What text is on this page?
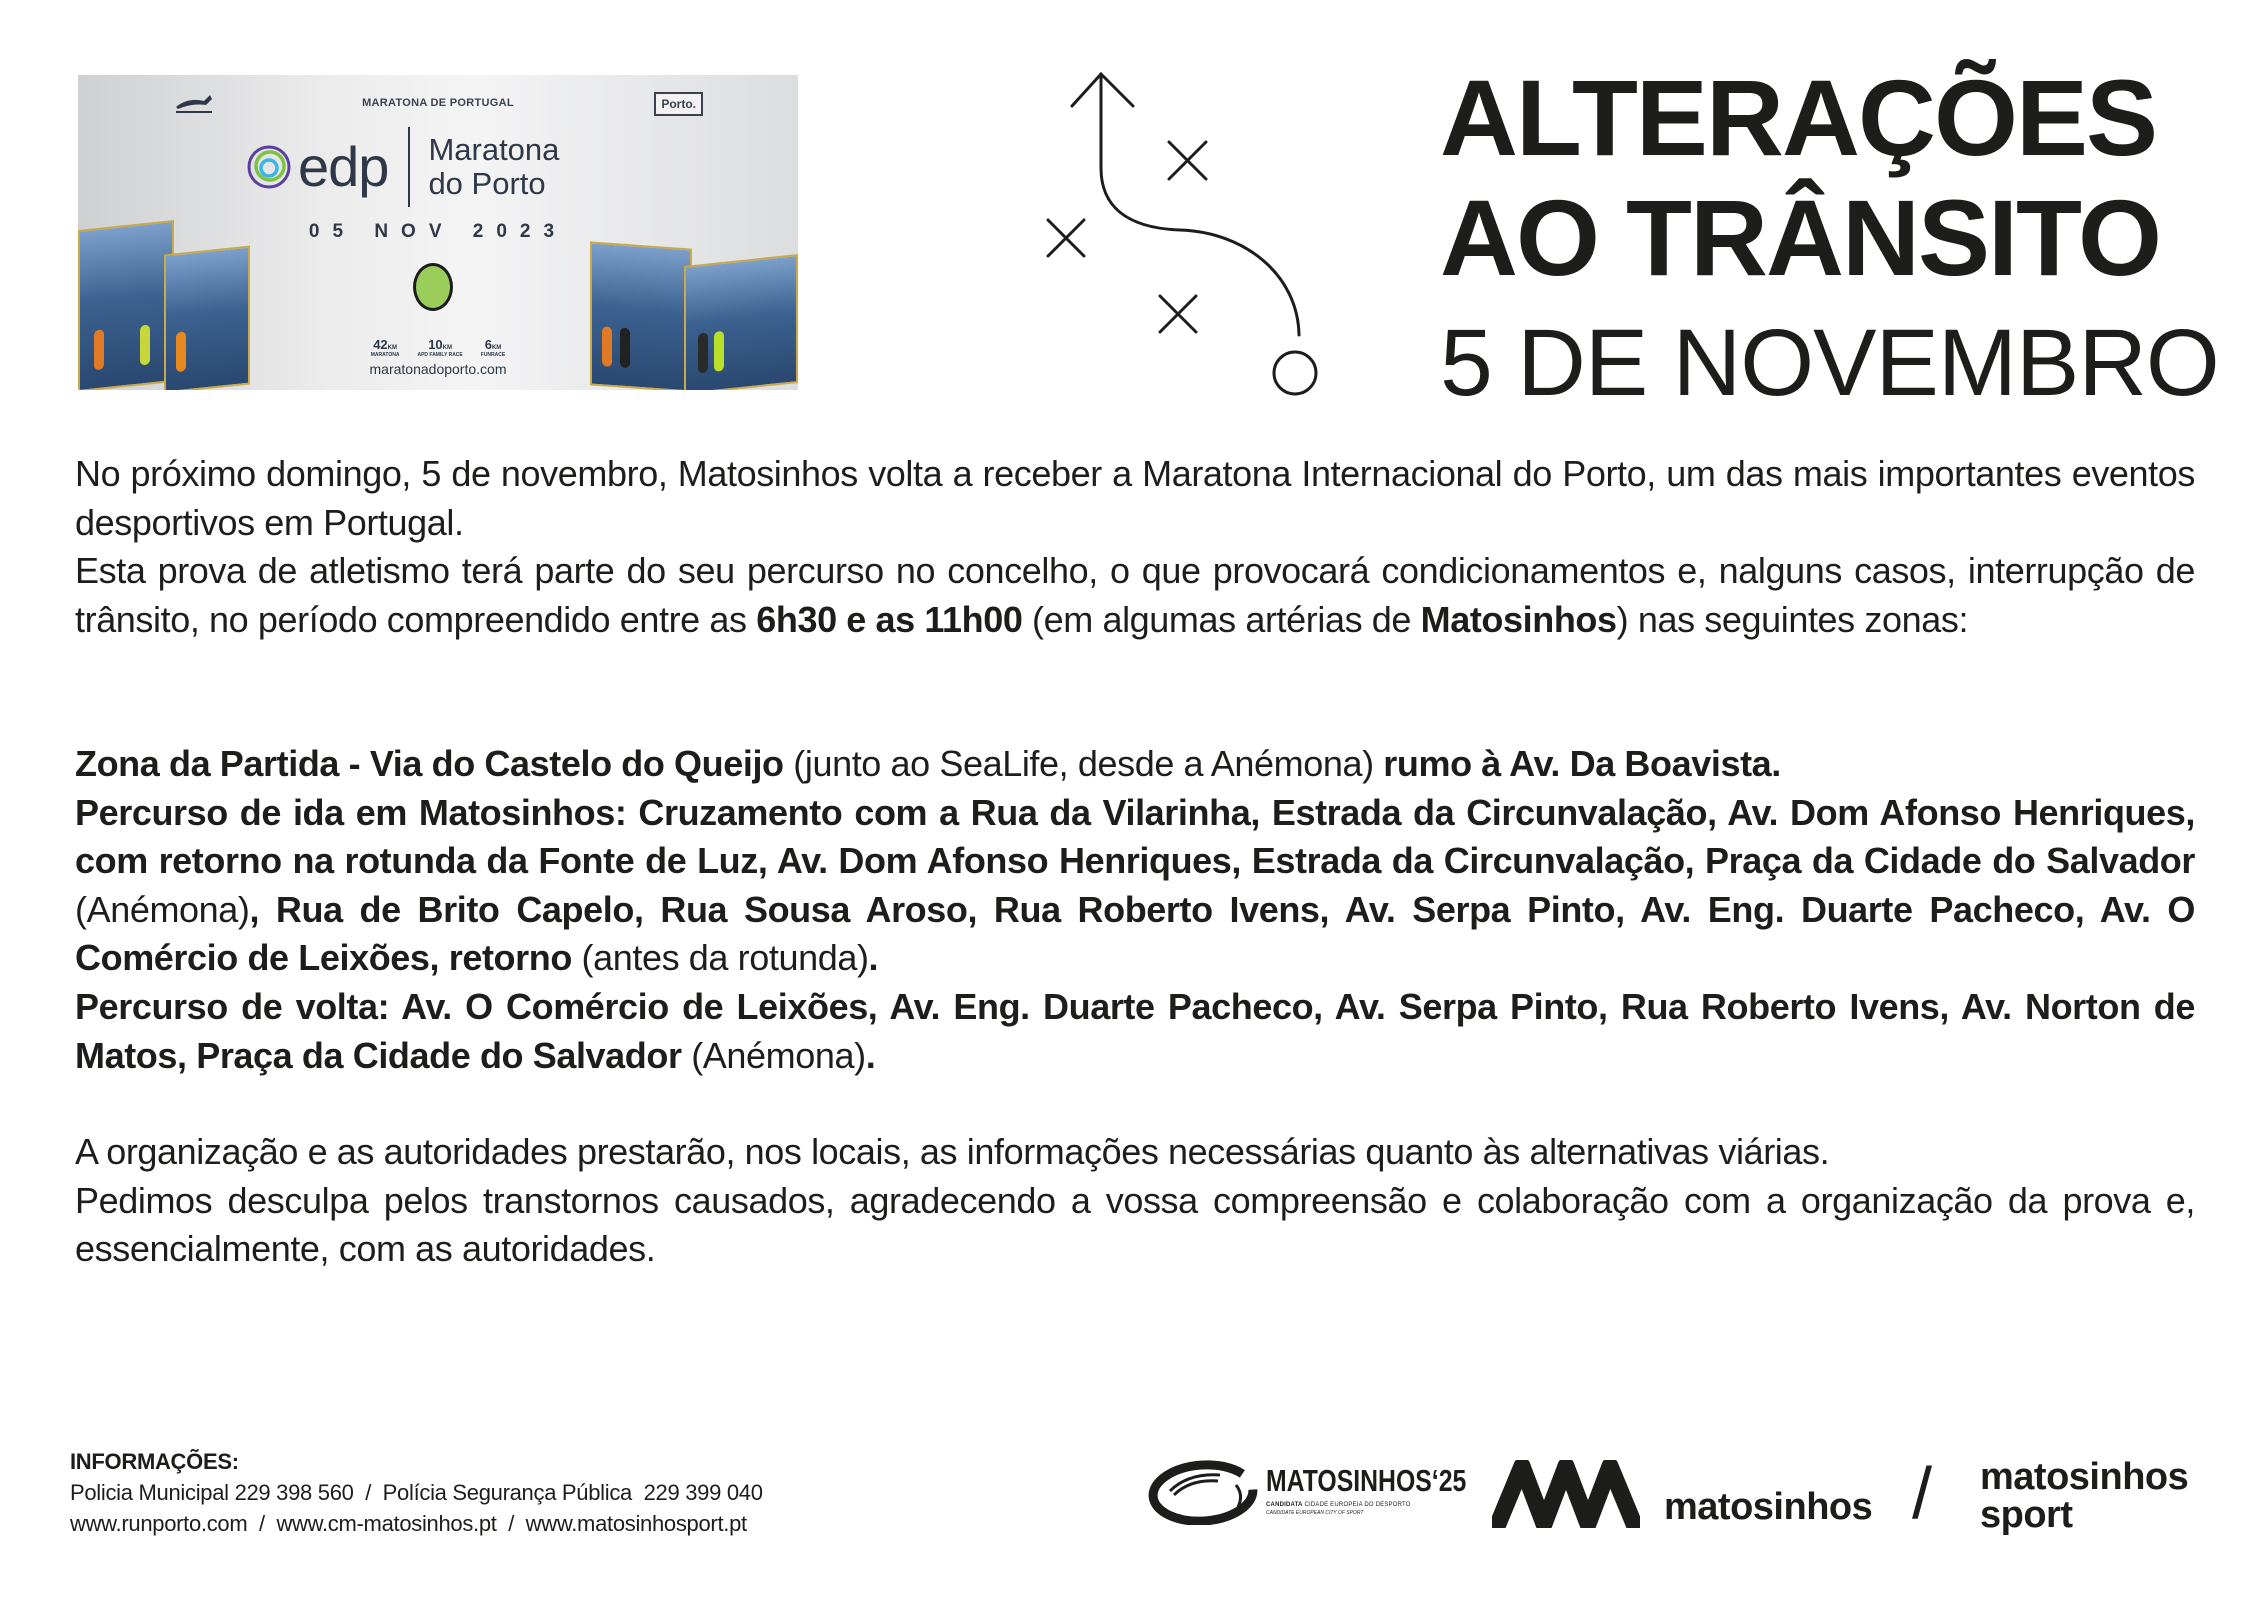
MARATONA DE PORTUGAL	Porto.
edp Maratona
do Porto
05 NOV 2023
42KM
MARATONA
10KM
APD FAMILY RACE
6KM
FUNRACE
maratonadoporto.com
ALTERAÇÕES
AO TRÂNSITO
5 DE NOVEMBRO

No próximo domingo, 5 de novembro, Matosinhos volta a receber a Maratona Internacional do Porto, um das mais importantes eventos desportivos em Portugal.

Esta prova de atletismo terá parte do seu percurso no concelho, o que provocará condicionamentos e, nalguns casos, interrupção de trânsito, no período compreendido entre as 6h30 e as 11h00 (em algumas artérias de Matosinhos) nas seguintes zonas:

Zona da Partida - Via do Castelo do Queijo (junto ao SeaLife, desde a Anémona) rumo à Av. Da Boavista.

Percurso de ida em Matosinhos: Cruzamento com a Rua da Vilarinha, Estrada da Circunvalação, Av. Dom Afonso Henriques, com retorno na rotunda da Fonte de Luz, Av. Dom Afonso Henriques, Estrada da Circunvalação, Praça da Cidade do Salvador (Anémona), Rua de Brito Capelo, Rua Sousa Aroso, Rua Roberto Ivens, Av. Serpa Pinto, Av. Eng. Duarte Pacheco, Av. O Comércio de Leixões, retorno (antes da rotunda).

Percurso de volta: Av. O Comércio de Leixões, Av. Eng. Duarte Pacheco, Av. Serpa Pinto, Rua Roberto Ivens, Av. Norton de Matos, Praça da Cidade do Salvador (Anémona).

A organização e as autoridades prestarão, nos locais, as informações necessárias quanto às alternativas viárias.

Pedimos desculpa pelos transtornos causados, agradecendo a vossa compreensão e colaboração com a organização da prova e, essencialmente, com as autoridades.

INFORMAÇÕES:
Policia Municipal 229 398 560  /  Polícia Segurança Pública  229 399 040
www.runporto.com  /  www.cm-matosinhos.pt  /  www.matosinhosport.pt
MATOSINHOS‘25
CANDIDATA CIDADE EUROPEIA DO DESPORTO
CANDIDATE EUROPEAN CITY OF SPORT	matosinhos / matosinhos
sport
